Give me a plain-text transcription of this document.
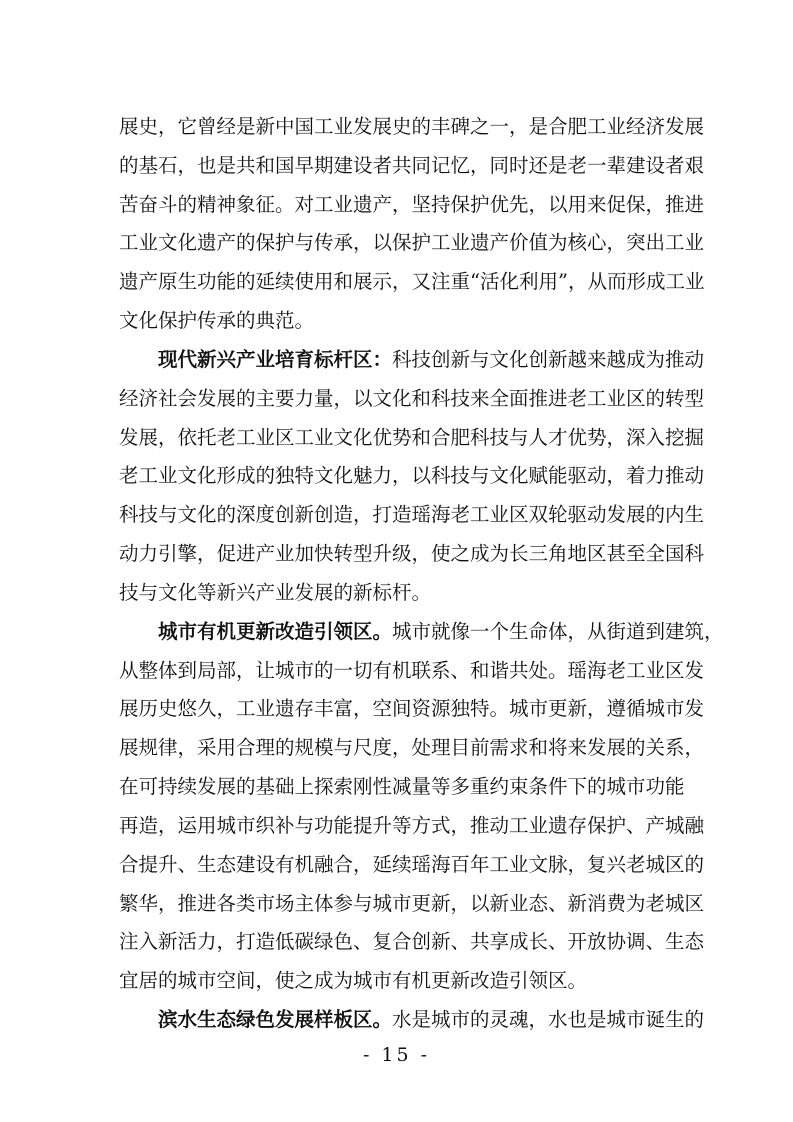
展史，它曾经是新中国工业发展史的丰碑之一，是合肥工业经济发展
的基石，也是共和国早期建设者共同记忆，同时还是老一辈建设者艰
苦奋斗的精神象征。对工业遗产，坚持保护优先，以用来促保，推进
工业文化遗产的保护与传承，以保护工业遗产价值为核心，突出工业
遗产原生功能的延续使用和展示，又注重“活化利用”，从而形成工业
文化保护传承的典范。
现代新兴产业培育标杆区：科技创新与文化创新越来越成为推动
经济社会发展的主要力量，以文化和科技来全面推进老工业区的转型
发展，依托老工业区工业文化优势和合肥科技与人才优势，深入挖掘
老工业文化形成的独特文化魅力，以科技与文化赋能驱动，着力推动
科技与文化的深度创新创造，打造瑶海老工业区双轮驱动发展的内生
动力引擎，促进产业加快转型升级，使之成为长三角地区甚至全国科
技与文化等新兴产业发展的新标杆。
城市有机更新改造引领区。城市就像一个生命体，从街道到建筑，
从整体到局部，让城市的一切有机联系、和谐共处。瑶海老工业区发
展历史悠久，工业遗存丰富，空间资源独特。城市更新，遵循城市发
展规律，采用合理的规模与尺度，处理目前需求和将来发展的关系，
在可持续发展的基础上探索刚性减量等多重约束条件下的城市功能
再造，运用城市织补与功能提升等方式，推动工业遗存保护、产城融
合提升、生态建设有机融合，延续瑶海百年工业文脉，复兴老城区的
繁华，推进各类市场主体参与城市更新，以新业态、新消费为老城区
注入新活力，打造低碳绿色、复合创新、共享成长、开放协调、生态
宜居的城市空间，使之成为城市有机更新改造引领区。
滨水生态绿色发展样板区。水是城市的灵魂，水也是城市诞生的
- 15 -
